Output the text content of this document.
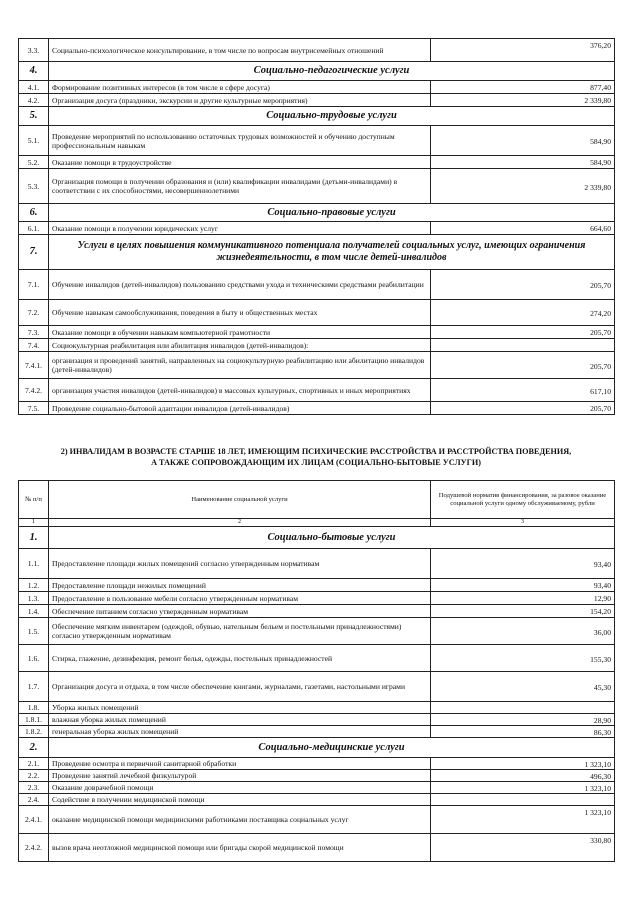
3.3.	Социально-психологическое консультирование, в том числе по вопросам внутрисемейных отношений	376,20
4.	Социально-педагогические услуги	
4.1.	Формирование позитивных интересов (в том числе в сфере досуга)	877,40
4.2.	Организация досуга (праздники, экскурсии и другие культурные мероприятия)	2 339,80
5.	Социально-трудовые услуги	
5.1.	Проведение мероприятий по использованию остаточных трудовых возможностей и обучению доступным профессиональным навыкам	584,90
5.2.	Оказание помощи в трудоустройстве	584,90
5.3.	Организация помощи в получении образования и (или) квалификации инвалидами (детьми-инвалидами) в соответствии с их способностями, несовершеннолетними	2 339,80
6.	Социально-правовые услуги	
6.1.	Оказание помощи в получении юридических услуг	664,60
7.	Услуги в целях повышения коммуникативного потенциала получателей социальных услуг, имеющих ограничения жизнедеятельности, в том числе детей-инвалидов	
7.1.	Обучение инвалидов (детей-инвалидов) пользованию средствами ухода и техническими средствами реабилитации	205,70
7.2.	Обучение навыкам самообслуживания, поведения в быту и общественных местах	274,20
7.3.	Оказание помощи в обучении навыкам компьютерной грамотности	205,70
7.4.	Социокультурная реабилитация или абилитация инвалидов (детей-инвалидов):	
7.4.1.	организация и проведений занятий, направленных на социокультурную реабилитацию или абилитацию инвалидов (детей-инвалидов)	205,70
7.4.2.	организация участия инвалидов (детей-инвалидов) в массовых культурных, спортивных и иных мероприятиях	617,10
7.5.	Проведение социально-бытовой адаптации инвалидов (детей-инвалидов)	205,70
2) ИНВАЛИДАМ В ВОЗРАСТЕ СТАРШЕ 18 ЛЕТ, ИМЕЮЩИМ ПСИХИЧЕСКИЕ РАССТРОЙСТВА И РАССТРОЙСТВА ПОВЕДЕНИЯ,
А ТАКЖЕ СОПРОВОЖДАЮЩИМ ИХ ЛИЦАМ (СОЦИАЛЬНО-БЫТОВЫЕ УСЛУГИ)
№ п/п	Наименование социальной услуги	Подушевой норматив финансирования, за разовое оказание социальной услуги одному обслуживаемому, рубли
1	2	3
1.	Социально-бытовые услуги	
1.1.	Предоставление площади жилых помещений согласно утвержденным нормативам	93,40
1.2.	Предоставление площади нежилых помещений	93,40
1.3.	Предоставление в пользование мебели согласно утвержденным нормативам	12,90
1.4.	Обеспечение питанием согласно утвержденным нормативам	154,20
1.5.	Обеспечение мягким инвентарем (одеждой, обувью, нательным бельем и постельными принадлежностями) согласно утвержденным нормативам	36,00
1.6.	Стирка, глажение, дезинфекция, ремонт белья, одежды, постельных принадлежностей	155,30
1.7.	Организация досуга и отдыха, в том числе обеспечение книгами, журналами, газетами, настольными играми	45,30
1.8.	Уборка жилых помещений	
1.8.1.	влажная уборка жилых помещений	28,90
1.8.2.	генеральная уборка жилых помещений	86,30
2.	Социально-медицинские услуги	
2.1.	Проведение осмотра и первичной санитарной обработки	1 323,10
2.2.	Проведение занятий лечебной физкультурой	496,30
2.3.	Оказание доврачебной помощи	1 323,10
2.4.	Содействие в получении медицинской помощи	
2.4.1.	оказание медицинской помощи медицинскими работниками поставщика социальных услуг	1 323,10
2.4.2.	вызов врача неотложной медицинской помощи или бригады скорой медицинской помощи	330,80
